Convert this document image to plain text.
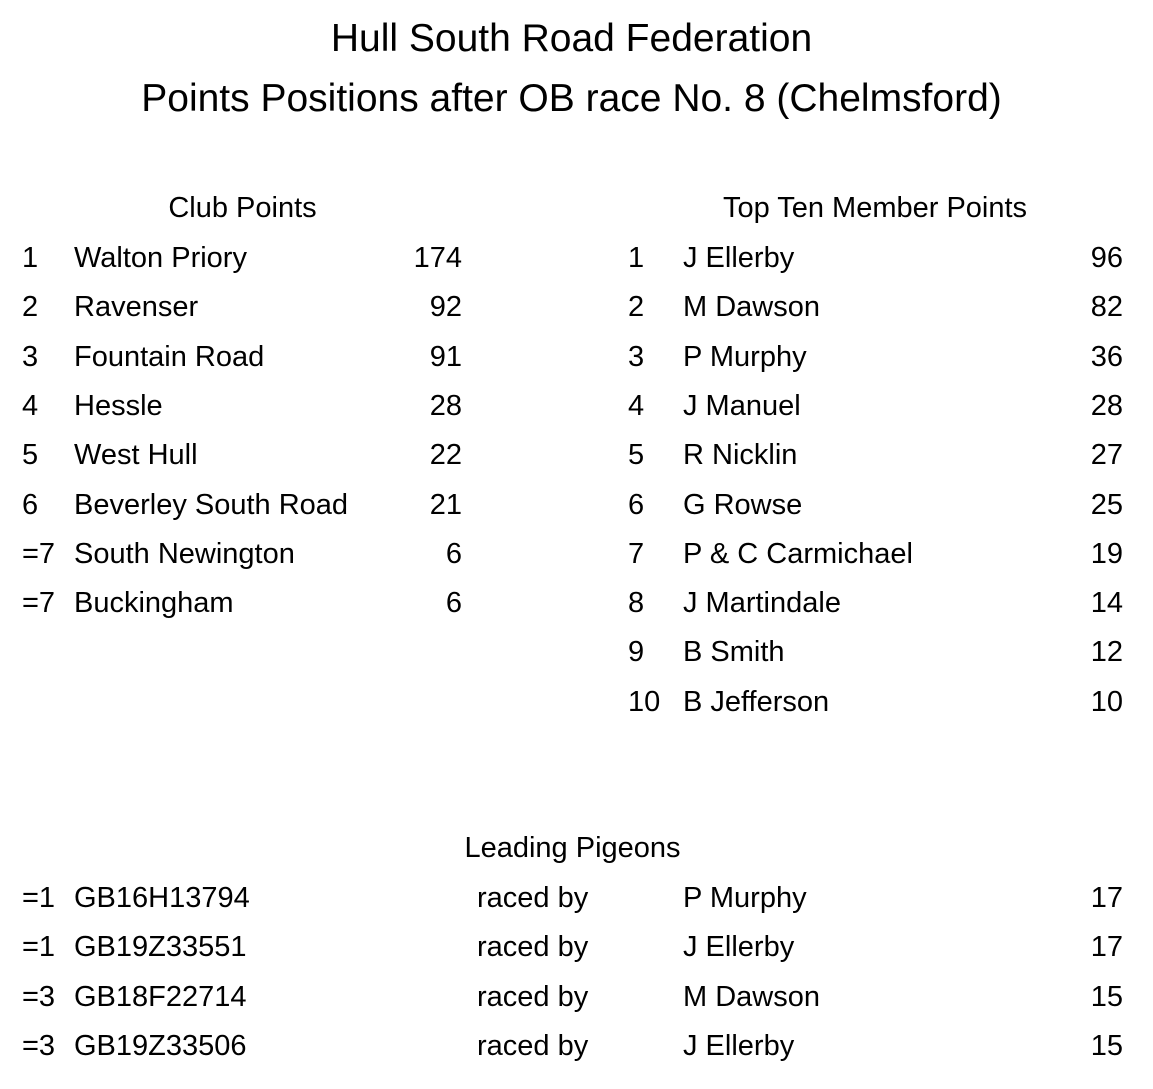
Hull South Road Federation
Points Positions after OB race No. 8 (Chelmsford)
Club Points	Top Ten Member Points
1 Walton Priory	174
2 Ravenser	92
3 Fountain Road	91
4 Hessle	28
5 West Hull	22
6 Beverley South Road	21
=7 South Newington	6
=7 Buckingham	6
1 J Ellerby	96
2 M Dawson	82
3 P Murphy	36
4 J Manuel	28
5 R Nicklin	27
6 G Rowse	25
7 P & C Carmichael	19
8 J Martindale	14
9 B Smith	12
10 B Jefferson	10
Leading Pigeons
=1 GB16H13794	raced by	P Murphy	17
=1 GB19Z33551	raced by	J Ellerby	17
=3 GB18F22714	raced by	M Dawson	15
=3 GB19Z33506	raced by	J Ellerby	15
